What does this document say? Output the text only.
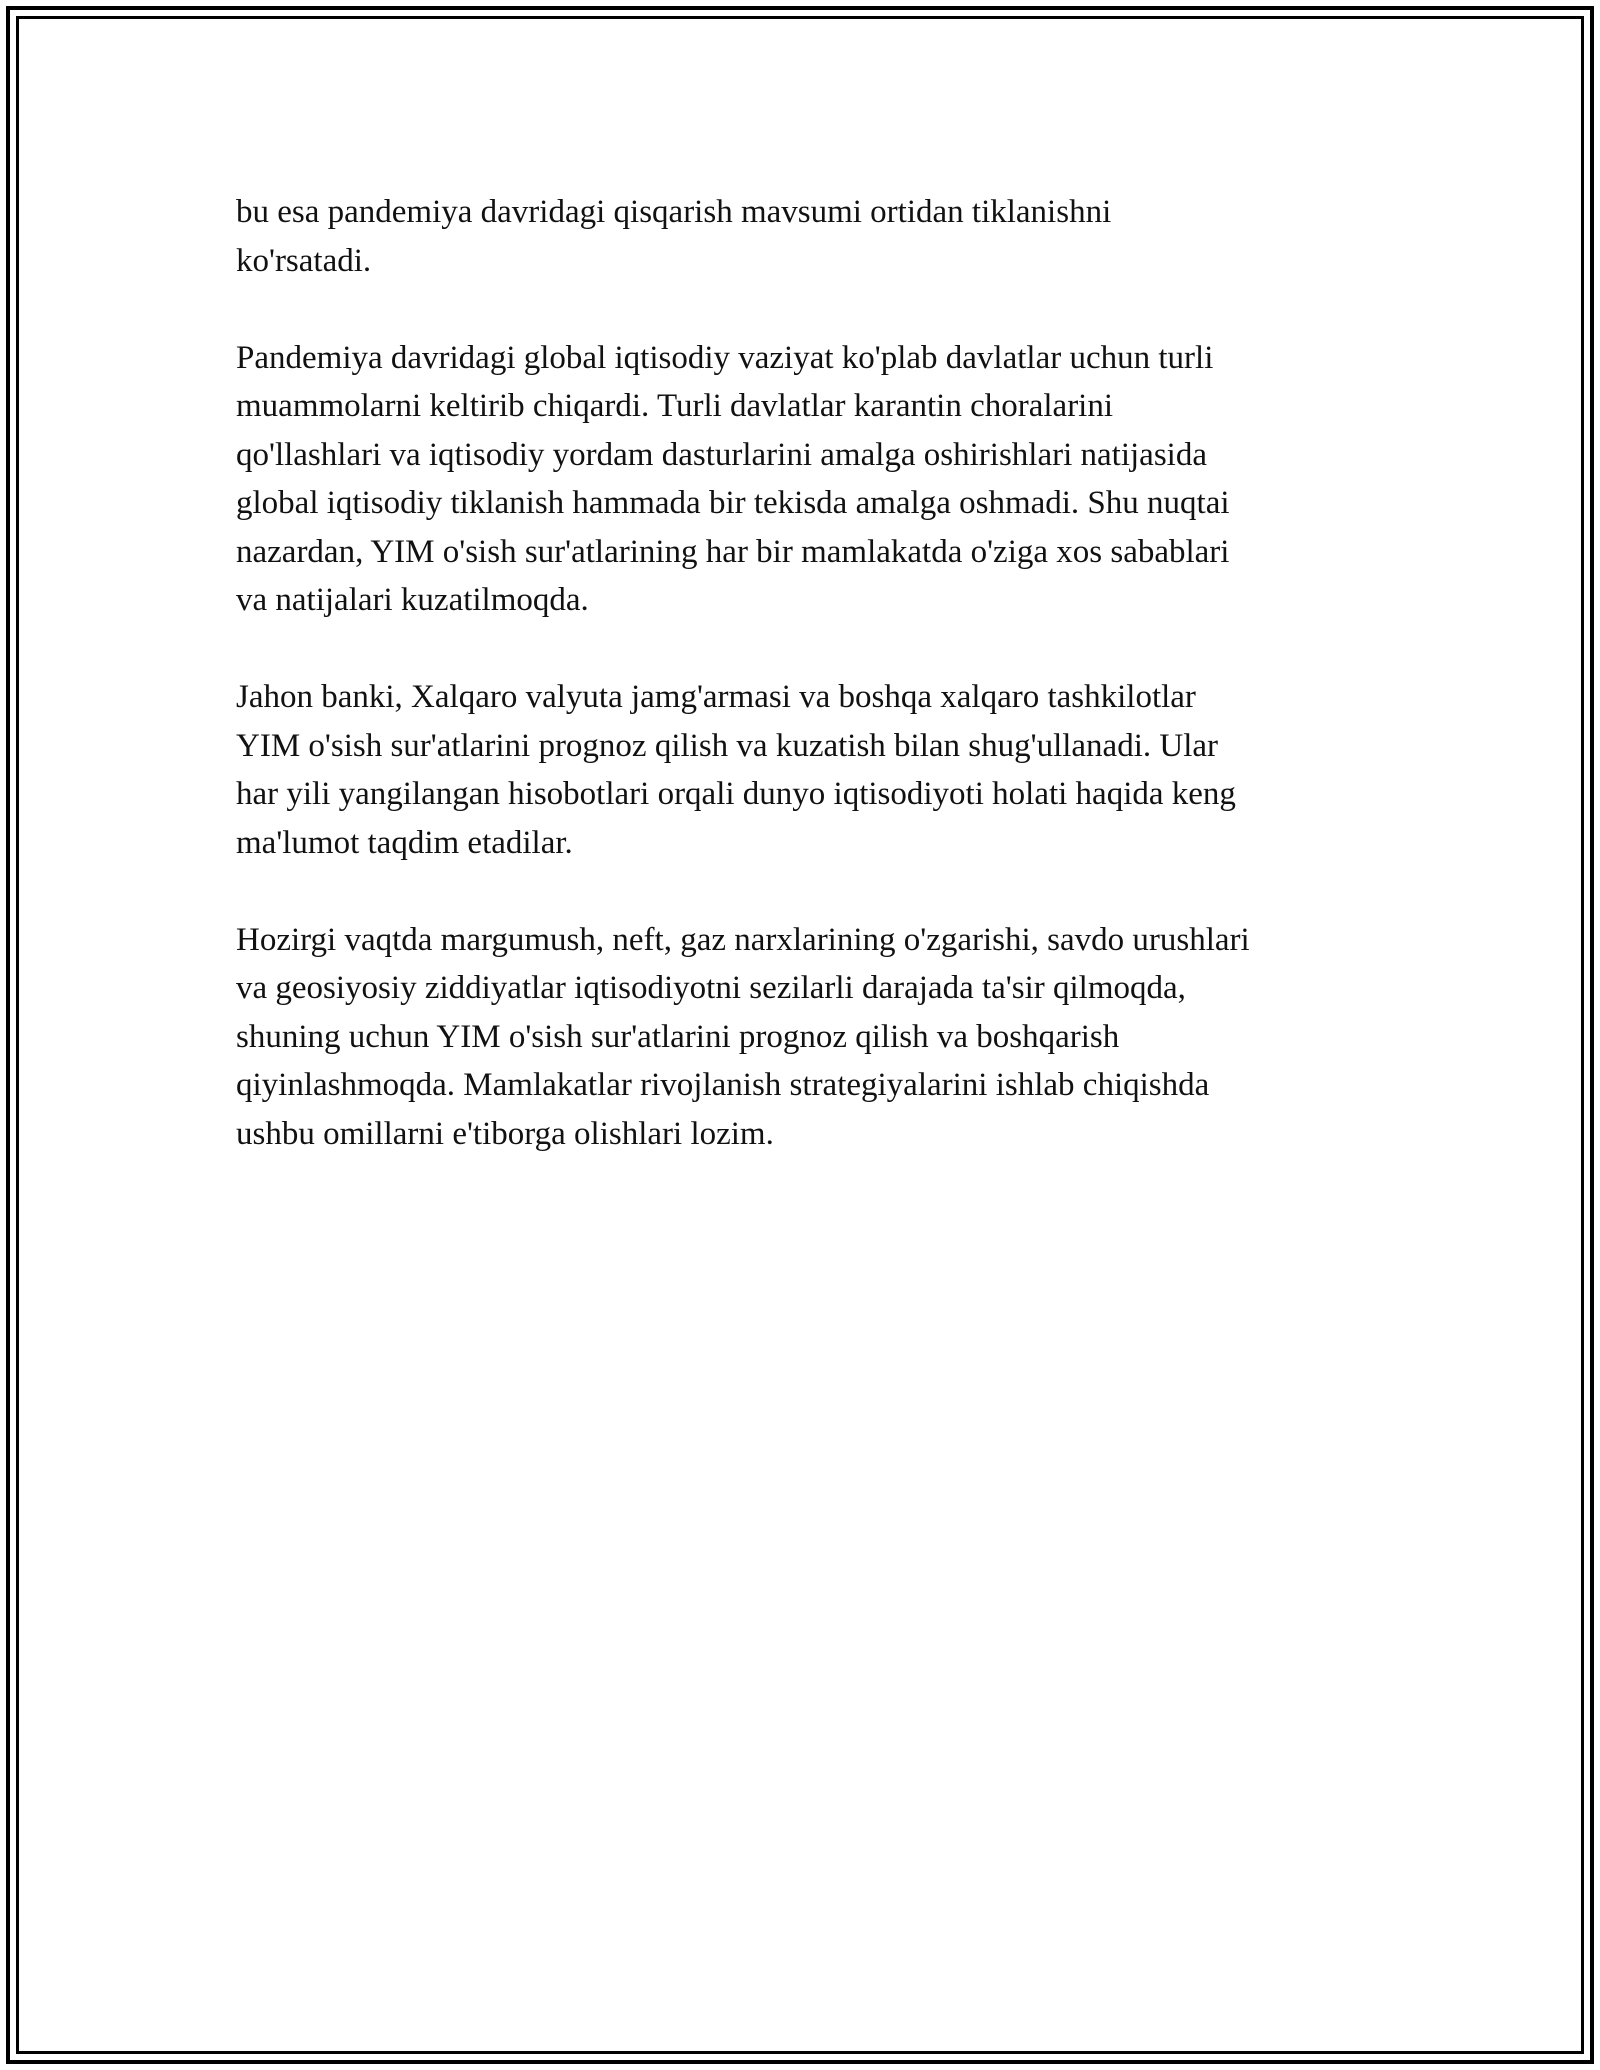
bu esa pandemiya davridagi qisqarish mavsumi ortidan tiklanishni
ko'rsatadi.

Pandemiya davridagi global iqtisodiy vaziyat ko'plab davlatlar uchun turli
muammolarni keltirib chiqardi. Turli davlatlar karantin choralarini
qo'llashlari va iqtisodiy yordam dasturlarini amalga oshirishlari natijasida
global iqtisodiy tiklanish hammada bir tekisda amalga oshmadi. Shu nuqtai
nazardan, YIM o'sish sur'atlarining har bir mamlakatda o'ziga xos sabablari
va natijalari kuzatilmoqda.

Jahon banki, Xalqaro valyuta jamg'armasi va boshqa xalqaro tashkilotlar
YIM o'sish sur'atlarini prognoz qilish va kuzatish bilan shug'ullanadi. Ular
har yili yangilangan hisobotlari orqali dunyo iqtisodiyoti holati haqida keng
ma'lumot taqdim etadilar.

Hozirgi vaqtda margumush, neft, gaz narxlarining o'zgarishi, savdo urushlari
va geosiyosiy ziddiyatlar iqtisodiyotni sezilarli darajada ta'sir qilmoqda,
shuning uchun YIM o'sish sur'atlarini prognoz qilish va boshqarish
qiyinlashmoqda. Mamlakatlar rivojlanish strategiyalarini ishlab chiqishda
ushbu omillarni e'tiborga olishlari lozim.
